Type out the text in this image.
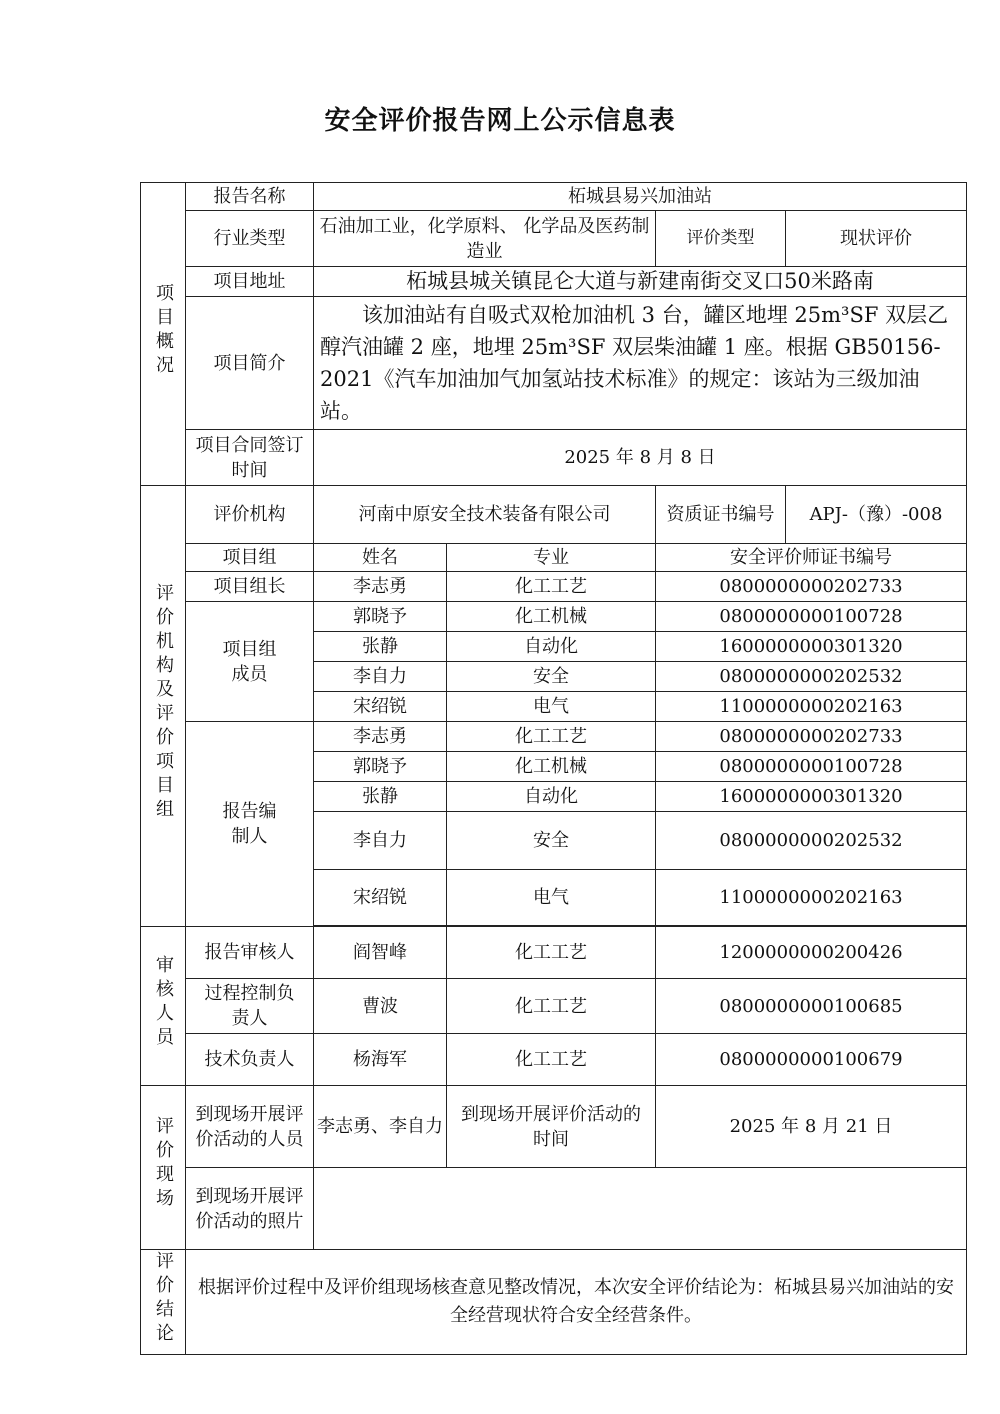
安全评价报告网上公示信息表
项目概况	报告名称	柘城县易兴加油站			
	行业类型	石油加工业，化学原料、 化学品及医药制造业		评价类型	现状评价
	项目地址	柘城县城关镇昆仑大道与新建南街交叉口50米路南			
	项目简介	该加油站有自吸式双枪加油机 3 台，罐区地埋 25m³SF 双层乙醇汽油罐 2 座，地埋 25m³SF 双层柴油罐 1 座。根据 GB50156-2021《汽车加油加气加氢站技术标准》的规定：该站为三级加油站。			
	项目合同签订时间	2025 年 8 月 8 日			
评价机构及评价项目组	评价机构	河南中原安全技术装备有限公司		资质证书编号	APJ-（豫）-008
	项目组	姓名	专业	安全评价师证书编号	
	项目组长	李志勇	化工工艺	0800000000202733	
	项目组成员	郭晓予	化工机械	0800000000100728	
		张静	自动化	1600000000301320	
		李自力	安全	0800000000202532	
		宋绍锐	电气	1100000000202163	
	报告编制人	李志勇	化工工艺	0800000000202733	
		郭晓予	化工机械	0800000000100728	
		张静	自动化	1600000000301320	
		李自力	安全	0800000000202532	
		宋绍锐	电气	1100000000202163	

审核人员	报告审核人	阎智峰	化工工艺	1200000000200426	
	过程控制负责人	曹波	化工工艺	0800000000100685	
	技术负责人	杨海军	化工工艺	0800000000100679	
评价现场	到现场开展评价活动的人员	李志勇、李自力	到现场开展评价活动的时间	2025 年 8 月 21 日	
	到现场开展评价活动的照片				
评价结论	根据评价过程中及评价组现场核查意见整改情况，本次安全评价结论为：柘城县易兴加油站的安全经营现状符合安全经营条件。				
